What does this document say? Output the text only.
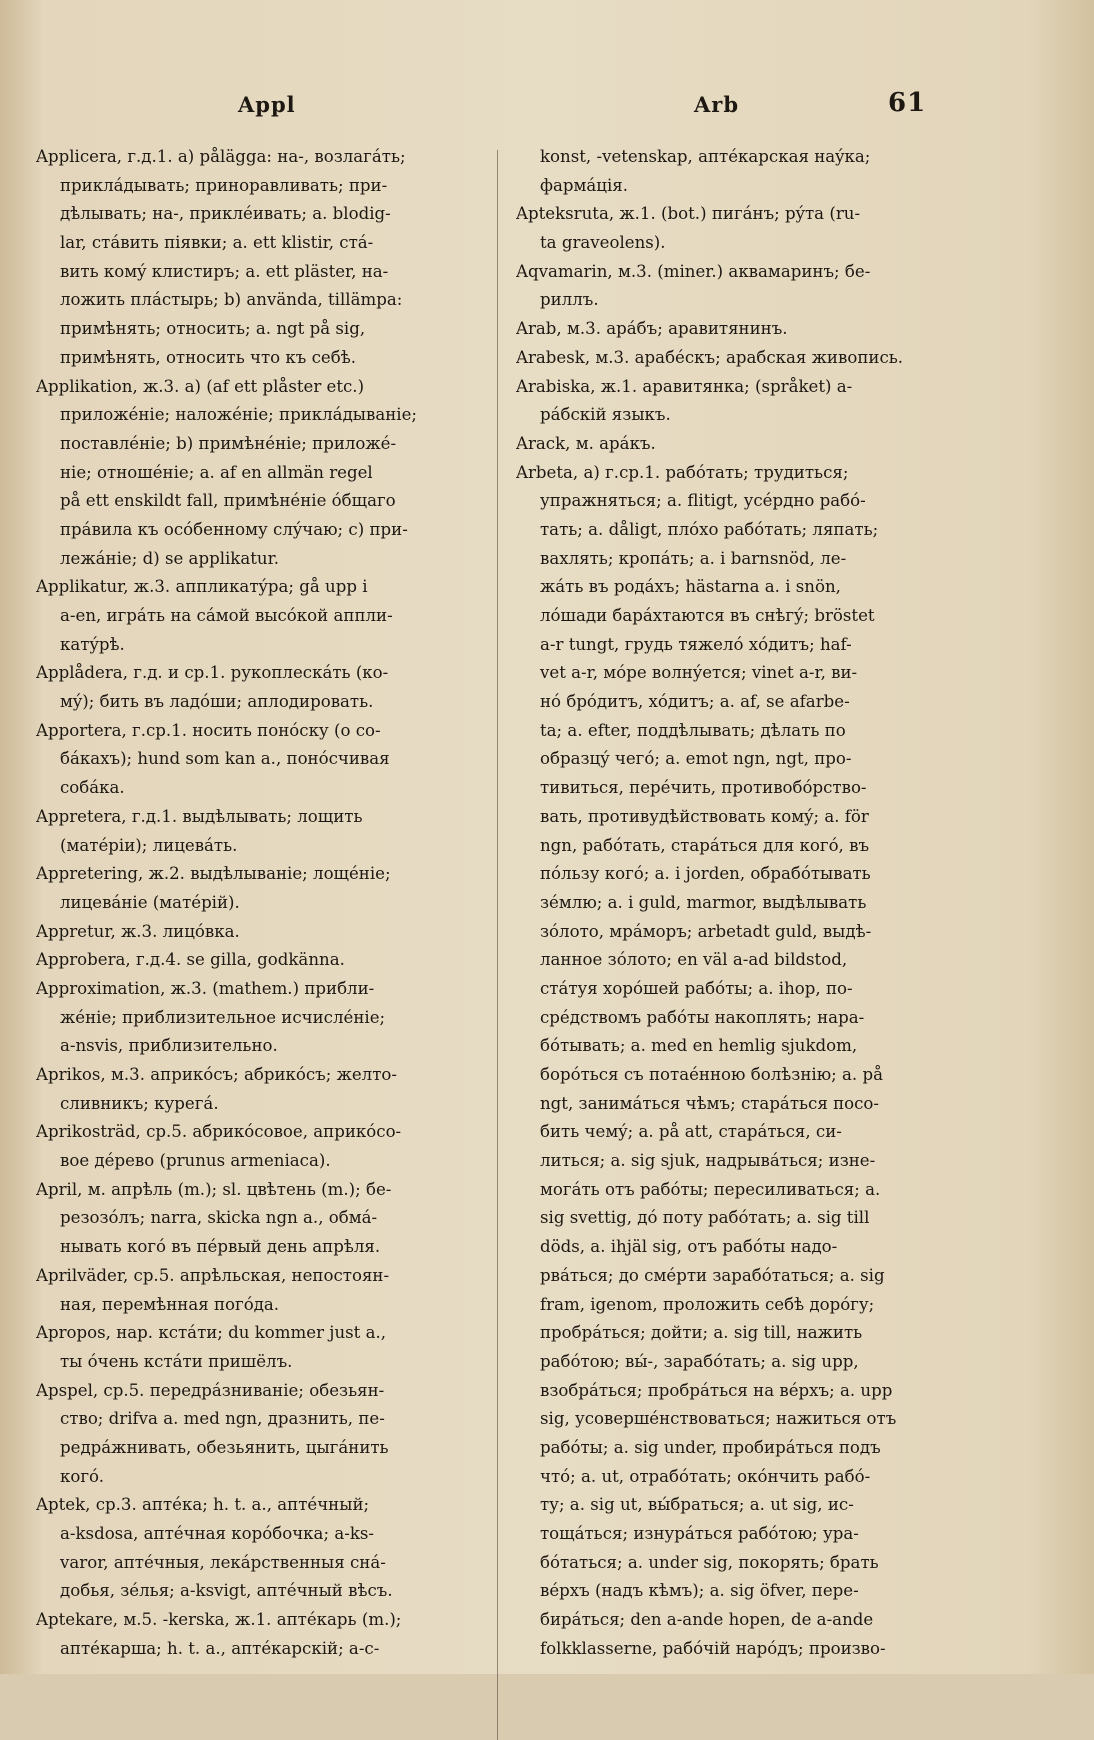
Appl	Arb	61
Applicera, г.д.1. a) pålägga: на-, возлагáть;
приклáдывать; приноравливать; при-
дѣлывать; на-, приклéивать; a. blodig-
lar, стáвить пiявки; a. ett klistir, стá-
вить комý клистиръ; a. ett pläster, на-
ложить плáстырь; b) använda, tillämpa:
примѣнять; относить; a. ngt på sig,
примѣнять, относить что къ себѣ.
Applikation, ж.3. a) (af ett plåster etc.)
приложéнiе; наложéнiе; приклáдыванiе;
поставлéнiе; b) примѣнéнiе; приложé-
нiе; отношéнiе; a. af en allmän regel
på ett enskildt fall, примѣнéнiе óбщаго
прáвила къ осóбенному слýчаю; c) при-
лежáнiе; d) se applikatur.
Applikatur, ж.3. аппликатýра; gå upp i
a-en, игрáть на сáмой высóкой аппли-
катýрѣ.
Applådera, г.д. и ср.1. рукоплескáть (ко-
мý); бить въ ладóши; аплодировать.
Apportera, г.ср.1. носить понóску (о со-
бáкахъ); hund som kan a., понóсчивая
собáка.
Appretera, г.д.1. выдѣлывать; лощить
(матéрiи); лицевáть.
Appretering, ж.2. выдѣлыванiе; лощéнiе;
лицевáнiе (матéрiй).
Appretur, ж.3. лицóвка.
Approbera, г.д.4. se gilla, godkänna.
Approximation, ж.3. (mathem.) прибли-
жéнiе; приблизительное исчислéнiе;
a-nsvis, приблизительно.
Aprikos, м.3. априкóсъ; абрикóсъ; желто-
сливникъ; курегá.
Aprikosträd, ср.5. абрикóсовое, априкóсо-
вое дéрево (prunus armeniaca).
April, м. апрѣль (m.); sl. цвѣтень (m.); бе-
резозóлъ; narra, skicka ngn a., обмá-
нывать когó въ пéрвый день апрѣля.
Aprilväder, ср.5. апрѣльская, непостоян-
ная, перемѣнная погóда.
Apropos, нар. кстáти; du kommer just a.,
ты óчень кстáти пришёлъ.
Apspel, ср.5. передрáзниванiе; обезьян-
ство; drifva a. med ngn, дразнить, пе-
редрáжнивать, обезьянить, цыгáнить
когó.
Aptek, ср.3. аптéка; h. t. a., аптéчный;
a-ksdosa, аптéчная корóбочка; a-ks-
varor, аптéчныя, лекáрственныя снá-
добья, зéлья; a-ksvigt, аптéчный вѣсъ.
Aptekare, м.5. -kerska, ж.1. аптéкарь (m.);
аптéкарша; h. t. a., аптéкарскiй; a-c-
konst, -vetenskap, аптéкарская наýка;
фармáцiя.
Apteksruta, ж.1. (bot.) пигáнъ; рýта (ru-
ta graveolens).
Aqvamarin, м.3. (miner.) аквамаринъ; бе-
риллъ.
Arab, м.3. арáбъ; аравитянинъ.
Arabesk, м.3. арабéскъ; арабская живопись.
Arabiska, ж.1. аравитянка; (språket) а-
рáбскiй языкъ.
Arack, м. арáкъ.
Arbeta, a) г.ср.1. рабóтать; трудиться;
упражняться; a. flitigt, усéрдно рабó-
тать; a. dåligt, плóхо рабóтать; ляпать;
вахлять; кропáть; a. i barnsnöd, ле-
жáть въ родáхъ; hästarna a. i snön,
лóшади барáхтаются въ снѣгý; bröstet
a-r tungt, грудь тяжелó хóдитъ; haf-
vet a-r, мóре волнýется; vinet a-r, ви-
нó брóдитъ, хóдитъ; a. af, se afarbe-
ta; a. efter, поддѣлывать; дѣлать по
образцý чегó; a. emot ngn, ngt, про-
тивиться, перéчить, противобóрство-
вать, противудѣйствовать комý; a. för
ngn, рабóтать, старáться для когó, въ
пóльзу когó; a. i jorden, обрабóтывать
зéмлю; a. i guld, marmor, выдѣлывать
зóлото, мрáморъ; arbetadt guld, выдѣ-
ланное зóлото; en väl a-ad bildstod,
стáтуя хорóшей рабóты; a. ihop, по-
срéдствомъ рабóты накоплять; нара-
бóтывать; a. med en hemlig sjukdom,
борóться съ потаéнною болѣзнiю; a. på
ngt, занимáться чѣмъ; старáться посо-
бить чемý; a. på att, старáться, си-
литься; a. sig sjuk, надрывáться; изне-
могáть отъ рабóты; пересиливаться; a.
sig svettig, дó поту рабóтать; a. sig till
döds, a. ihjäl sig, отъ рабóты надо-
рвáться; до смéрти зарабóтаться; a. sig
fram, igenom, проложить себѣ дорóгу;
пробрáться; дойти; a. sig till, нажить
рабóтою; вы́-, зарабóтать; a. sig upp,
взобрáться; пробрáться на вéрхъ; a. upp
sig, усовершéнствоваться; нажиться отъ
рабóты; a. sig under, пробирáться подъ
чтó; a. ut, отрабóтать; окóнчить рабó-
ту; a. sig ut, вы́браться; a. ut sig, ис-
тощáться; изнурáться рабóтою; ура-
бóтаться; a. under sig, покорять; брать
вéрхъ (надъ кѣмъ); a. sig öfver, пере-
бирáться; den a-ande hopen, de a-ande
folkklasserne, рабóчiй нарóдъ; произво-
